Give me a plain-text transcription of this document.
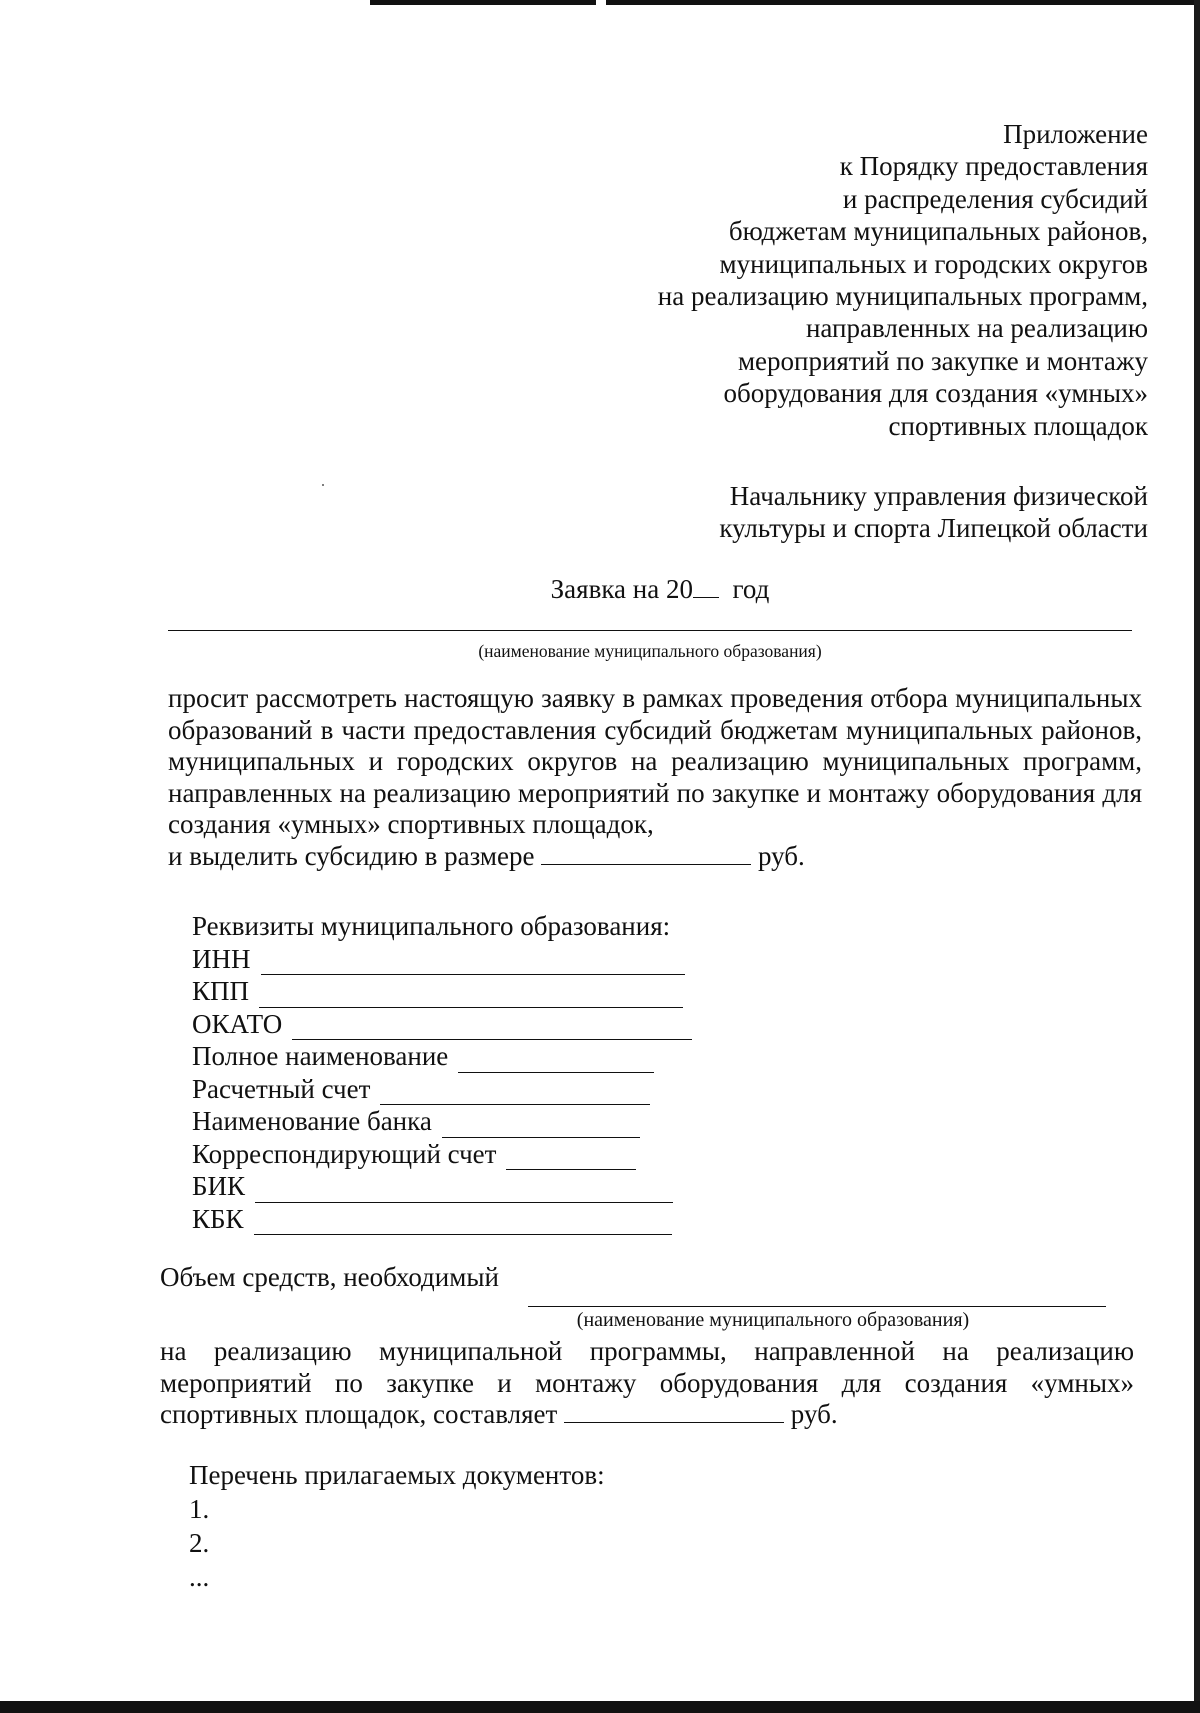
Приложение
к Порядку предоставления
и распределения субсидий
бюджетам муниципальных районов,
муниципальных и городских округов
на реализацию муниципальных программ,
направленных на реализацию
мероприятий по закупке и монтажу
оборудования для создания «умных»
спортивных площадок
Начальнику управления физической
культуры и спорта Липецкой области
Заявка на 20 год
(наименование муниципального образования)
просит рассмотреть настоящую заявку в рамках проведения отбора муниципальных образований в части предоставления субсидий бюджетам муниципальных районов, муниципальных и городских округов на реализацию муниципальных программ, направленных на реализацию мероприятий по закупке и монтажу оборудования для создания «умных» спортивных площадок,
и выделить субсидию в размере	руб.
Реквизиты муниципального образования:
ИНН
КПП
ОКАТО
Полное наименование
Расчетный счет
Наименование банка
Корреспондирующий счет
БИК
КБК
Объем средств, необходимый
(наименование муниципального образования)
на реализацию муниципальной программы, направленной на реализацию мероприятий по закупке и монтажу оборудования для создания «умных» спортивных площадок, составляет	руб.
Перечень прилагаемых документов:
1.
2.
...
